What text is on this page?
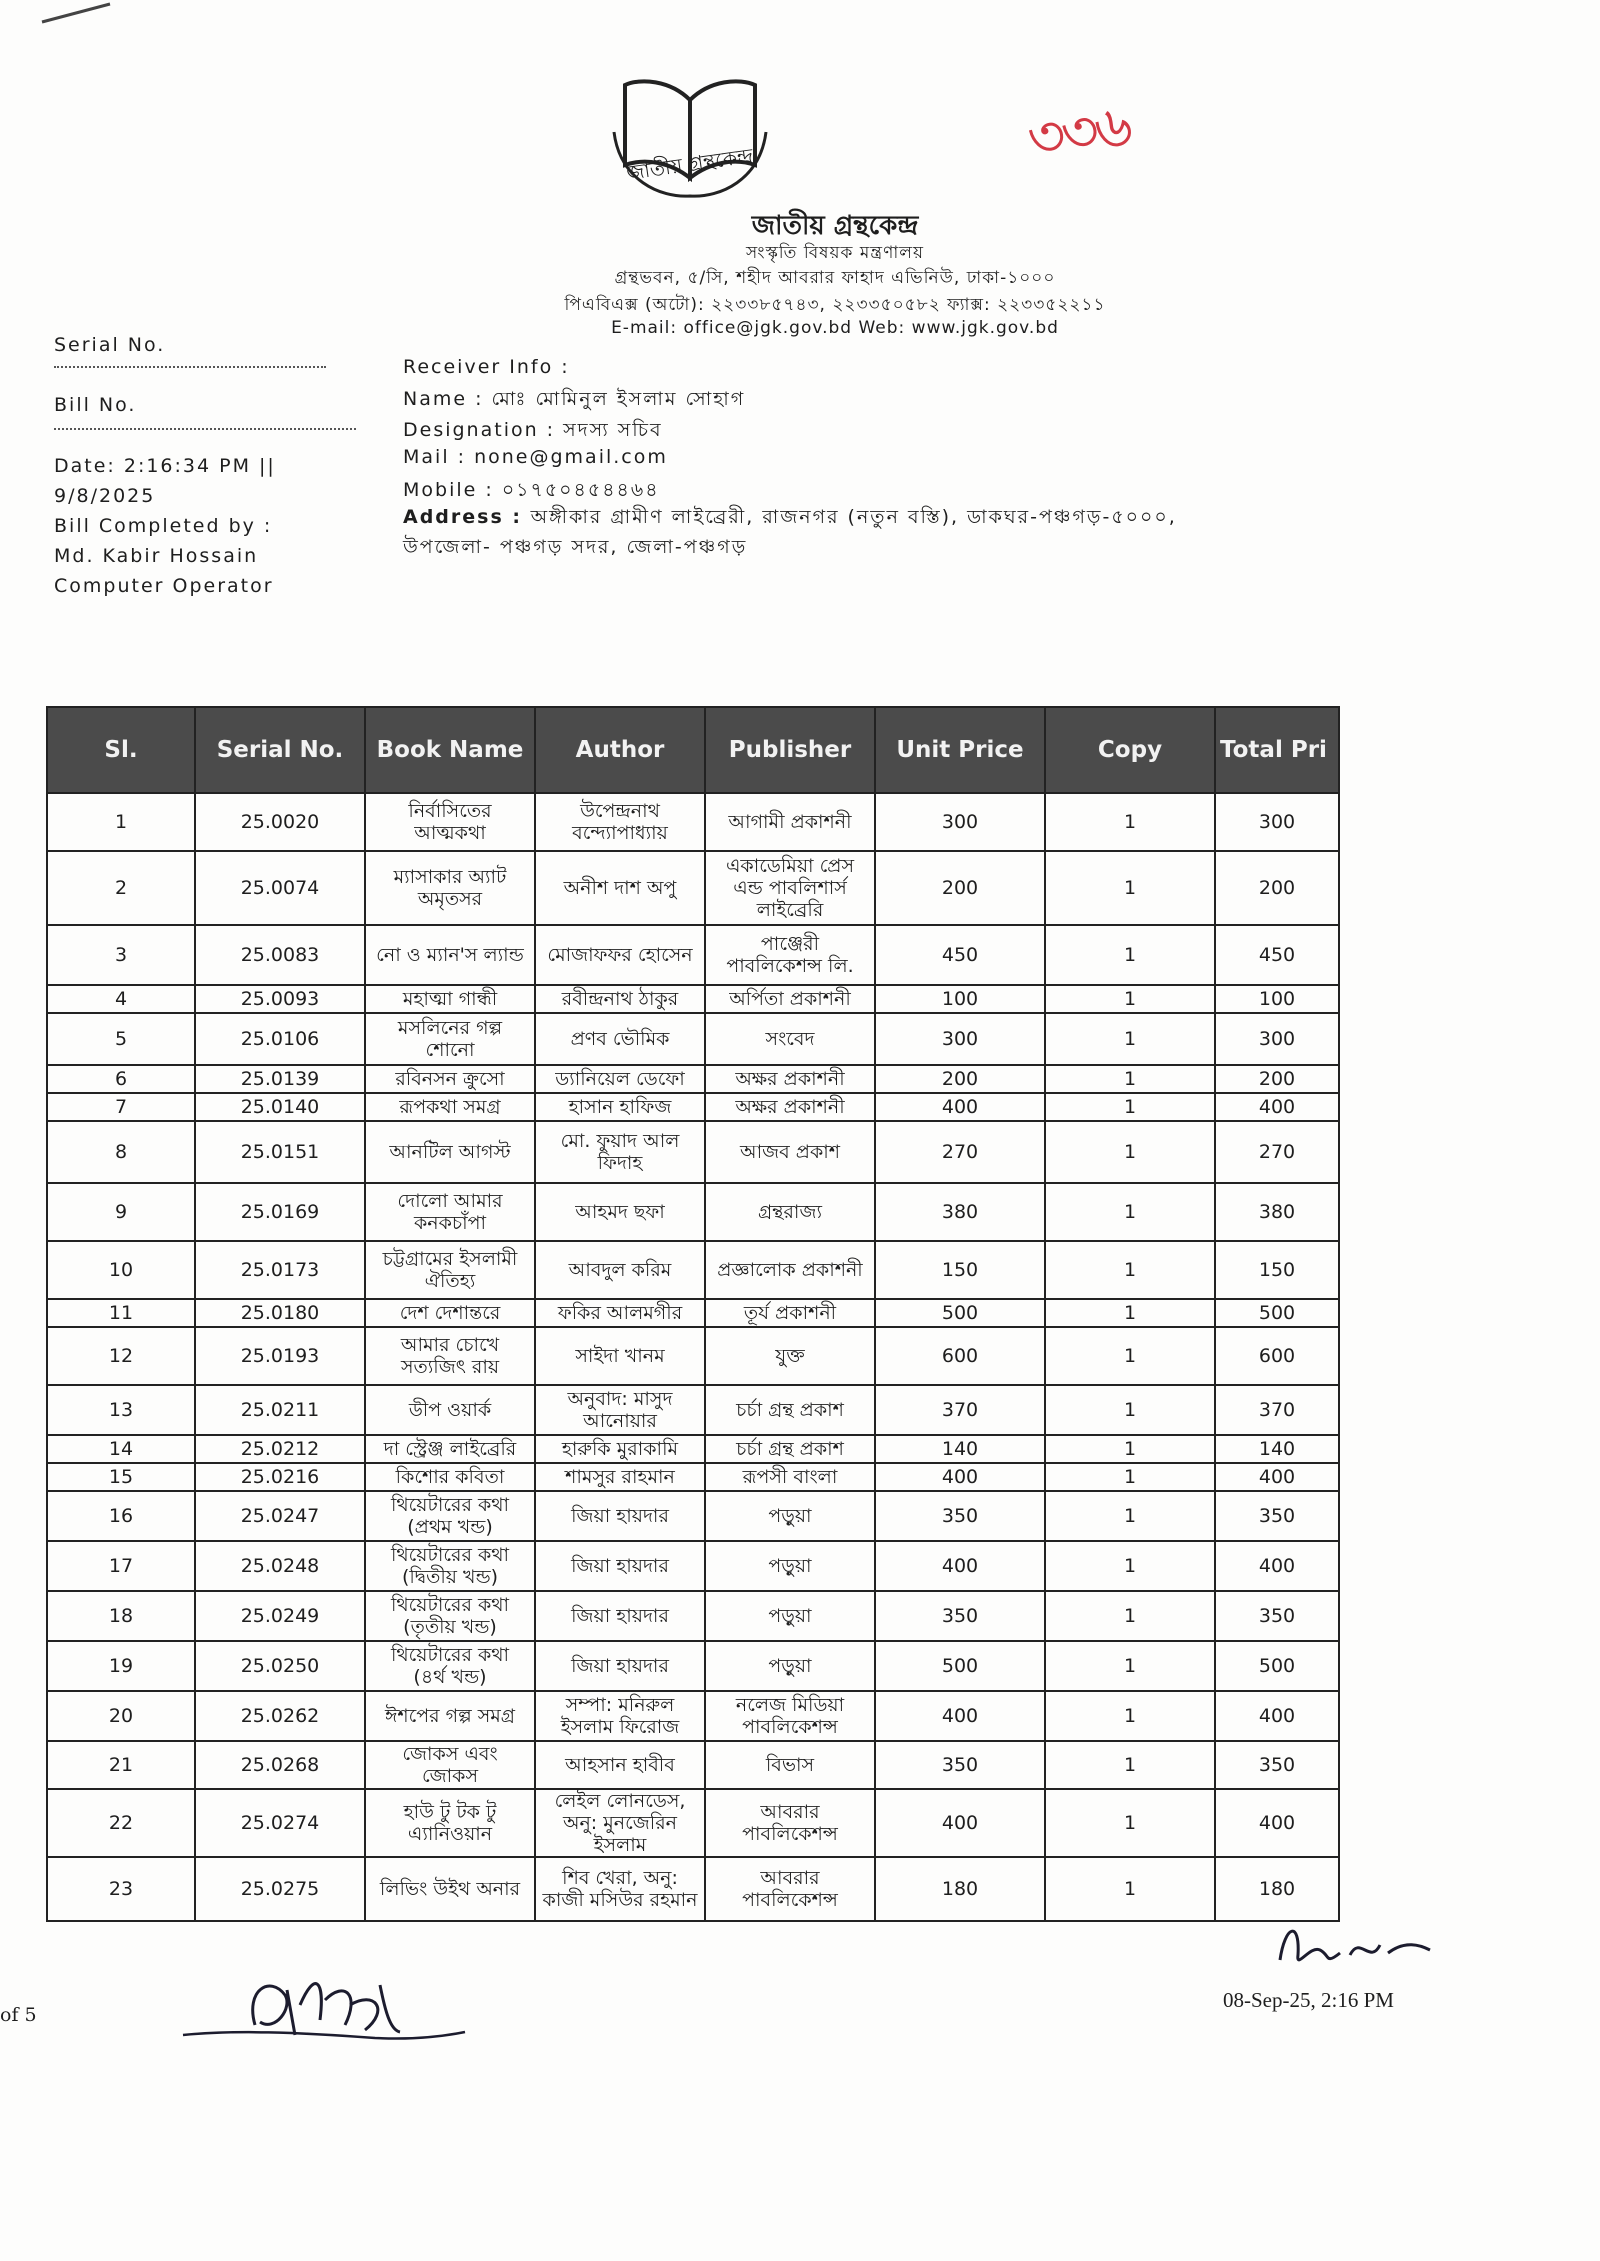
জাতীয় গ্রন্থকেন্দ্র	৩৩৬
জাতীয় গ্রন্থকেন্দ্র
সংস্কৃতি বিষয়ক মন্ত্রণালয়
গ্রন্থভবন, ৫/সি, শহীদ আবরার ফাহাদ এভিনিউ, ঢাকা-১০০০
পিএবিএক্স (অটো): ২২৩৩৮৫৭৪৩, ২২৩৩৫০৫৮২ ফ্যাক্স: ২২৩৩৫২২১১
E-mail: office@jgk.gov.bd Web: www.jgk.gov.bd
Serial No.
Bill No.
Date: 2:16:34 PM ||
9/8/2025
Bill Completed by :
Md. Kabir Hossain
Computer Operator
Receiver Info :
Name : মোঃ মোমিনুল ইসলাম সোহাগ
Designation : সদস্য সচিব
Mail : none@gmail.com
Mobile : ০১৭৫০৪৫৪৪৬৪
Address : অঙ্গীকার গ্রামীণ লাইব্রেরী, রাজনগর (নতুন বস্তি), ডাকঘর-পঞ্চগড়-৫০০০,
উপজেলা- পঞ্চগড় সদর, জেলা-পঞ্চগড়
Sl.	Serial No.	Book Name	Author	Publisher	Unit Price	Copy	Total Pri
1	25.0020	নির্বাসিতের আত্মকথা	উপেন্দ্রনাথ বন্দ্যোপাধ্যায়	আগামী প্রকাশনী	300	1	300
2	25.0074	ম্যাসাকার অ্যাট অমৃতসর	অনীশ দাশ অপু	একাডেমিয়া প্রেস এন্ড পাবলিশার্স লাইব্রেরি	200	1	200
3	25.0083	নো ও ম্যান'স ল্যান্ড	মোজাফফর হোসেন	পাঞ্জেরী পাবলিকেশন্স লি.	450	1	450
4	25.0093	মহাত্মা গান্ধী	রবীন্দ্রনাথ ঠাকুর	অর্পিতা প্রকাশনী	100	1	100
5	25.0106	মসলিনের গল্প শোনো	প্রণব ভৌমিক	সংবেদ	300	1	300
6	25.0139	রবিনসন ক্রুসো	ড্যানিয়েল ডেফো	অক্ষর প্রকাশনী	200	1	200
7	25.0140	রূপকথা সমগ্র	হাসান হাফিজ	অক্ষর প্রকাশনী	400	1	400
8	25.0151	আনটিল আগস্ট	মো. ফুয়াদ আল ফিদাহ	আজব প্রকাশ	270	1	270
9	25.0169	দোলো আমার কনকচাঁপা	আহমদ ছফা	গ্রন্থরাজ্য	380	1	380
10	25.0173	চট্টগ্রামের ইসলামী ঐতিহ্য	আবদুল করিম	প্রজ্ঞালোক প্রকাশনী	150	1	150
11	25.0180	দেশ দেশান্তরে	ফকির আলমগীর	তূর্য প্রকাশনী	500	1	500
12	25.0193	আমার চোখে সত্যজিৎ রায়	সাইদা খানম	যুক্ত	600	1	600
13	25.0211	ডীপ ওয়ার্ক	অনুবাদ: মাসুদ আনোয়ার	চর্চা গ্রন্থ প্রকাশ	370	1	370
14	25.0212	দা স্ট্রেঞ্জ লাইব্রেরি	হারুকি মুরাকামি	চর্চা গ্রন্থ প্রকাশ	140	1	140
15	25.0216	কিশোর কবিতা	শামসুর রাহমান	রূপসী বাংলা	400	1	400
16	25.0247	থিয়েটারের কথা (প্রথম খন্ড)	জিয়া হায়দার	পড়ুয়া	350	1	350
17	25.0248	থিয়েটারের কথা (দ্বিতীয় খন্ড)	জিয়া হায়দার	পড়ুয়া	400	1	400
18	25.0249	থিয়েটারের কথা (তৃতীয় খন্ড)	জিয়া হায়দার	পড়ুয়া	350	1	350
19	25.0250	থিয়েটারের কথা (৪র্থ খন্ড)	জিয়া হায়দার	পড়ুয়া	500	1	500
20	25.0262	ঈশপের গল্প সমগ্র	সম্পা: মনিরুল ইসলাম ফিরোজ	নলেজ মিডিয়া পাবলিকেশন্স	400	1	400
21	25.0268	জোকস এবং জোকস	আহসান হাবীব	বিভাস	350	1	350
22	25.0274	হাউ টু টক টু এ্যানিওয়ান	লেইল লোনডেস, অনু: মুনজেরিন ইসলাম	আবরার পাবলিকেশন্স	400	1	400
23	25.0275	লিভিং উইথ অনার	শিব খেরা, অনু: কাজী মসিউর রহমান	আবরার পাবলিকেশন্স	180	1	180
of 5
08-Sep-25, 2:16 PM
